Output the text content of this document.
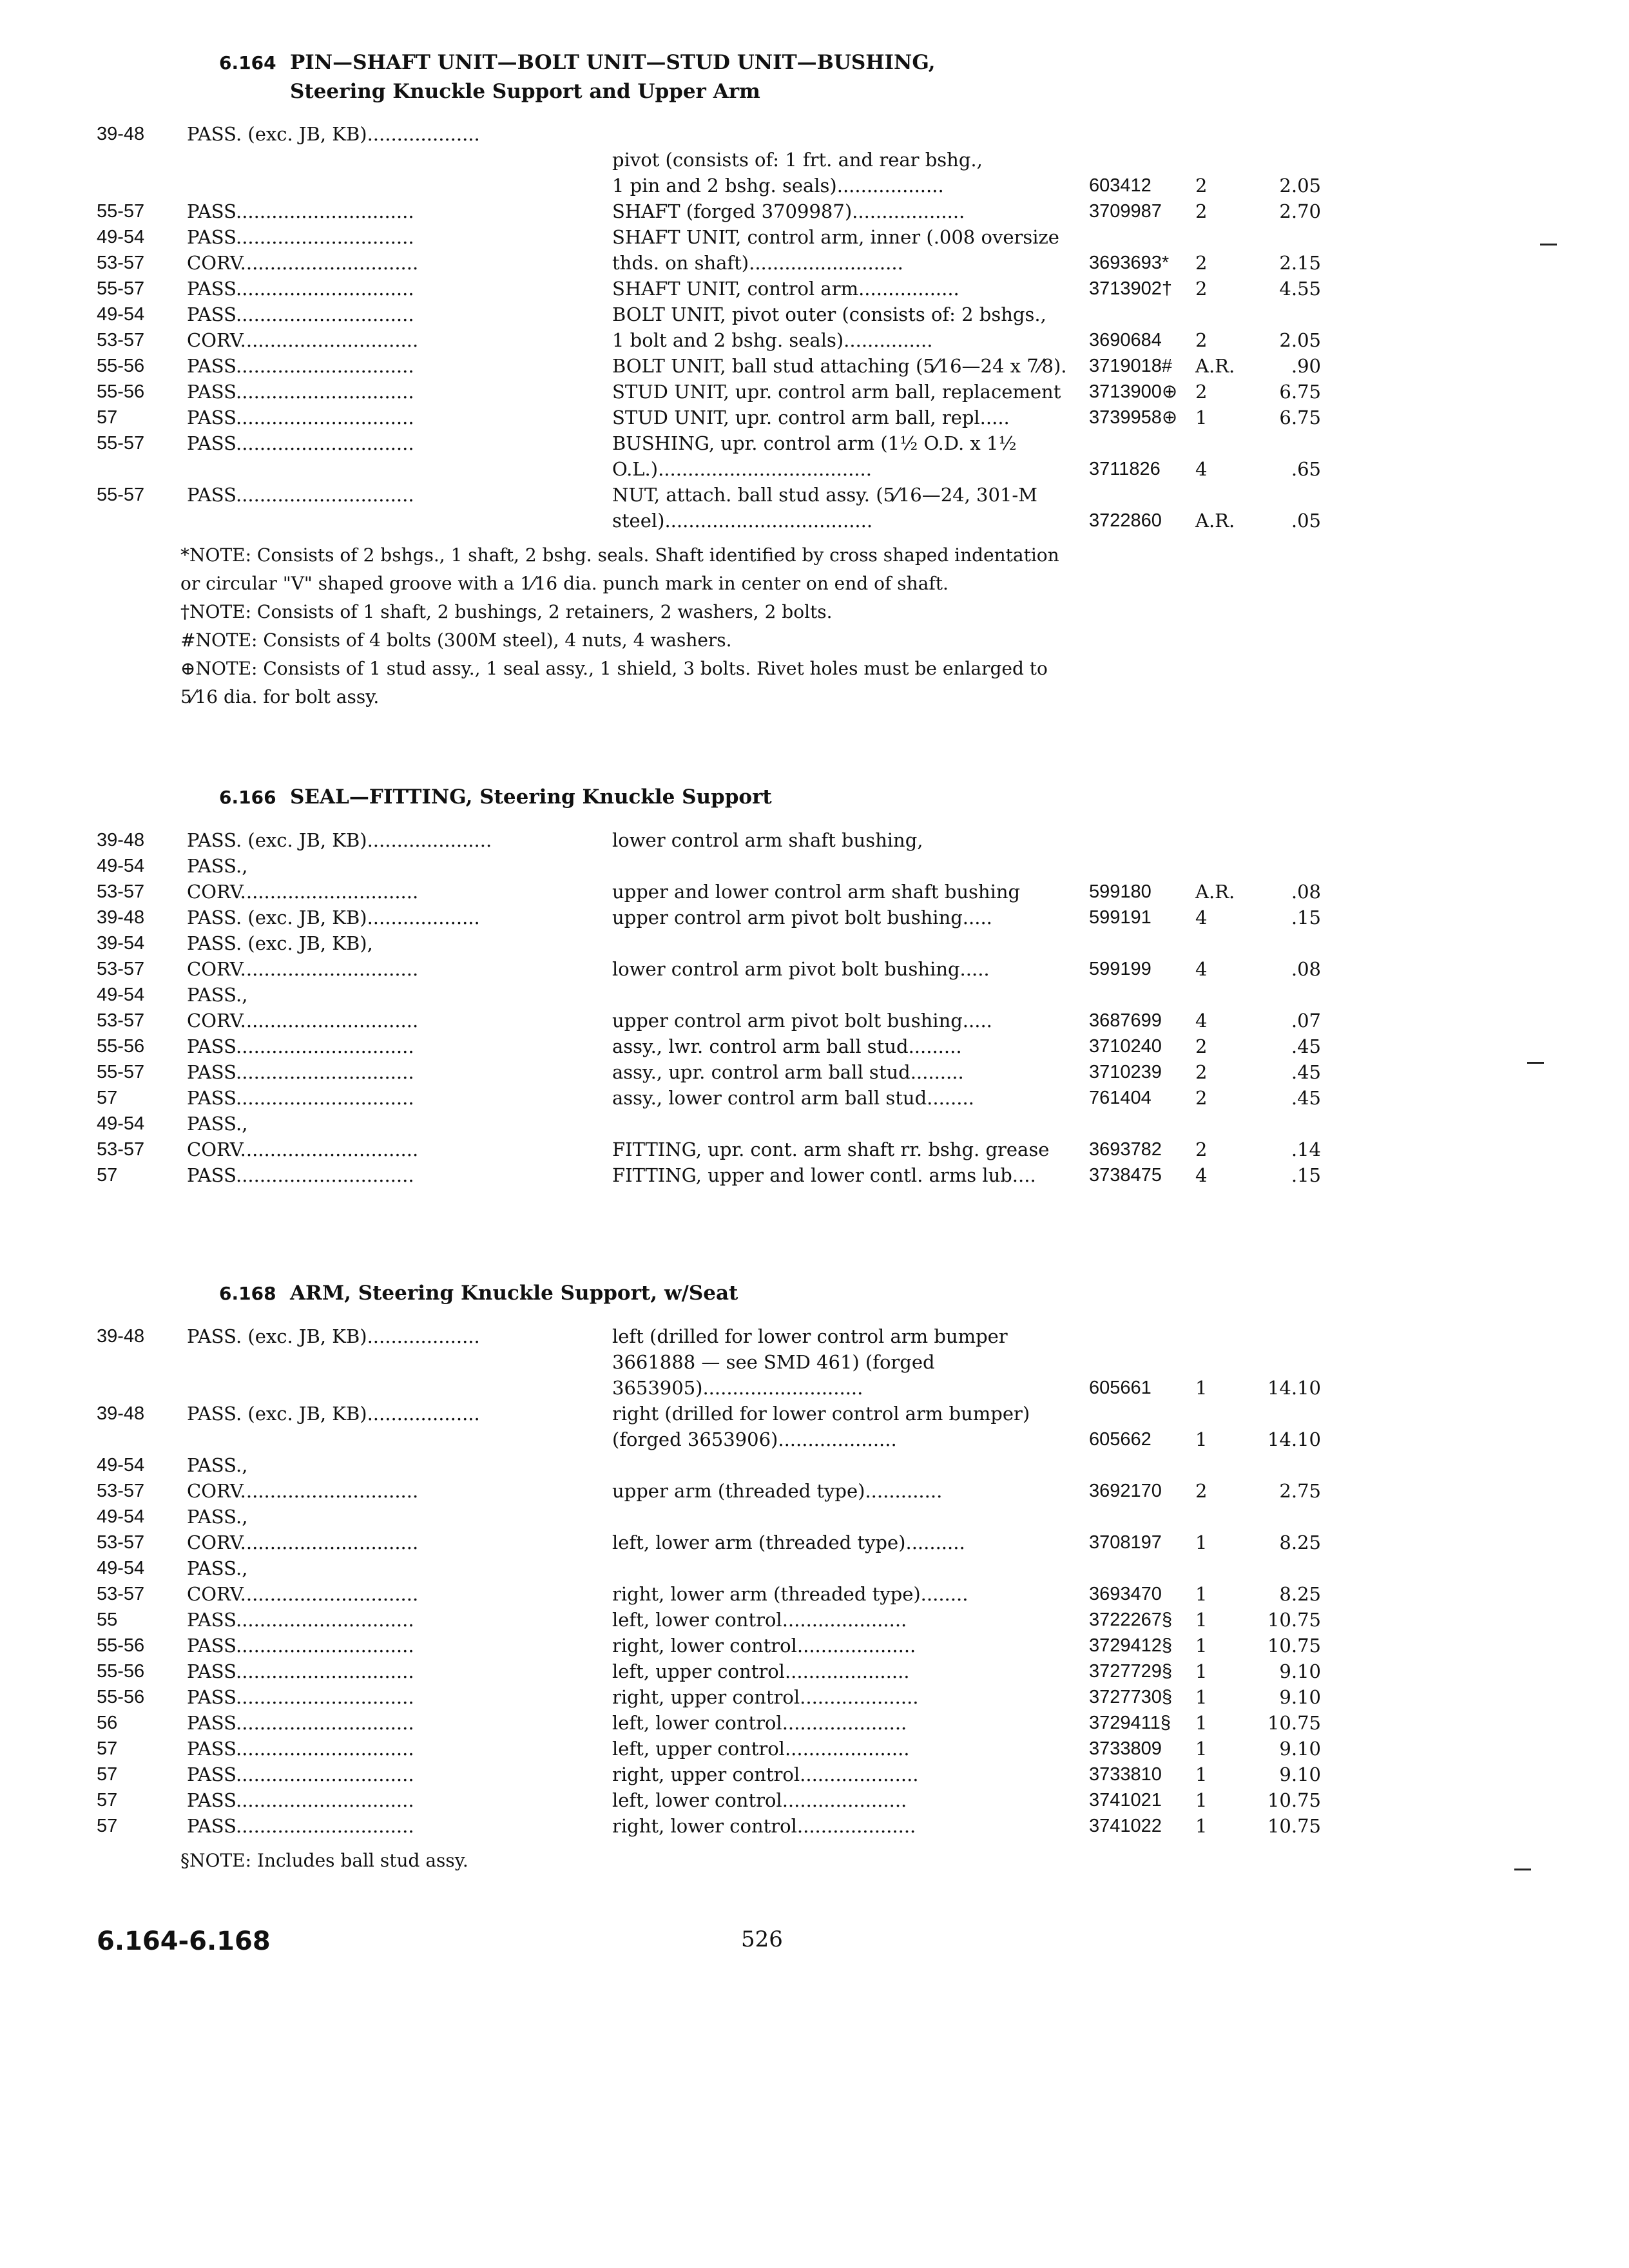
6.164 PIN—SHAFT UNIT—BOLT UNIT—STUD UNIT—BUSHING,
Steering Knuckle Support and Upper Arm
39-48	PASS. (exc. JB, KB)...................
pivot (consists of: 1 frt. and rear bshg.,
1 pin and 2 bshg. seals)..................	603412	2	2.05
55-57	PASS..............................	SHAFT (forged 3709987)...................	3709987	2	2.70
49-54	PASS..............................	SHAFT UNIT, control arm, inner (.008 oversize
53-57	CORV..............................	thds. on shaft)..........................	3693693*	2	2.15
55-57	PASS..............................	SHAFT UNIT, control arm.................	3713902†	2	4.55
49-54	PASS..............................	BOLT UNIT, pivot outer (consists of: 2 bshgs.,
53-57	CORV..............................	1 bolt and 2 bshg. seals)...............	3690684	2	2.05
55-56	PASS..............................	BOLT UNIT, ball stud attaching (5⁄16—24 x 7⁄8).	3719018#	A.R.	.90
55-56	PASS..............................	STUD UNIT, upr. control arm ball, replacement	3713900⊕ 2	6.75
57	PASS..............................	STUD UNIT, upr. control arm ball, repl.....	3739958⊕ 1	6.75
55-57	PASS..............................	BUSHING, upr. control arm (1½ O.D. x 1½
O.L.)....................................	3711826	4	.65
55-57	PASS..............................	NUT, attach. ball stud assy. (5⁄16—24, 301-M
steel)...................................	3722860	A.R.	.05
*NOTE: Consists of 2 bshgs., 1 shaft, 2 bshg. seals. Shaft identified by cross shaped indentation
or circular "V" shaped groove with a 1⁄16 dia. punch mark in center on end of shaft.
†NOTE: Consists of 1 shaft, 2 bushings, 2 retainers, 2 washers, 2 bolts.
#NOTE: Consists of 4 bolts (300M steel), 4 nuts, 4 washers.
⊕NOTE: Consists of 1 stud assy., 1 seal assy., 1 shield, 3 bolts. Rivet holes must be enlarged to
5⁄16 dia. for bolt assy.
6.166 SEAL—FITTING, Steering Knuckle Support
39-48	PASS. (exc. JB, KB).....................	lower control arm shaft bushing,
49-54	PASS.,
53-57	CORV..............................	upper and lower control arm shaft bushing	599180	A.R.	.08
39-48	PASS. (exc. JB, KB)...................	upper control arm pivot bolt bushing.....	599191	4	.15
39-54	PASS. (exc. JB, KB),
53-57	CORV..............................	lower control arm pivot bolt bushing.....	599199	4	.08
49-54	PASS.,
53-57	CORV..............................	upper control arm pivot bolt bushing.....	3687699	4	.07
55-56	PASS..............................	assy., lwr. control arm ball stud.........	3710240	2	.45
55-57	PASS..............................	assy., upr. control arm ball stud.........	3710239	2	.45
57	PASS..............................	assy., lower control arm ball stud........	761404	2	.45
49-54	PASS.,
53-57	CORV..............................	FITTING, upr. cont. arm shaft rr. bshg. grease	3693782	2	.14
57	PASS..............................	FITTING, upper and lower contl. arms lub....	3738475	4	.15
6.168 ARM, Steering Knuckle Support, w/Seat
39-48	PASS. (exc. JB, KB)...................	left (drilled for lower control arm bumper
3661888 — see SMD 461) (forged
3653905)...........................	605661	1	14.10
39-48	PASS. (exc. JB, KB)...................	right (drilled for lower control arm bumper)
(forged 3653906)....................	605662	1	14.10
49-54	PASS.,
53-57	CORV..............................	upper arm (threaded type).............	3692170	2	2.75
49-54	PASS.,
53-57	CORV..............................	left, lower arm (threaded type)..........	3708197	1	8.25
49-54	PASS.,
53-57	CORV..............................	right, lower arm (threaded type)........	3693470	1	8.25
55	PASS..............................	left, lower control.....................	3722267§	1	10.75
55-56	PASS..............................	right, lower control....................	3729412§	1	10.75
55-56	PASS..............................	left, upper control.....................	3727729§	1	9.10
55-56	PASS..............................	right, upper control....................	3727730§	1	9.10
56	PASS..............................	left, lower control.....................	3729411§	1	10.75
57	PASS..............................	left, upper control.....................	3733809	1	9.10
57	PASS..............................	right, upper control....................	3733810	1	9.10
57	PASS..............................	left, lower control.....................	3741021	1	10.75
57	PASS..............................	right, lower control....................	3741022	1	10.75
§NOTE: Includes ball stud assy.
6.164-6.168	526
